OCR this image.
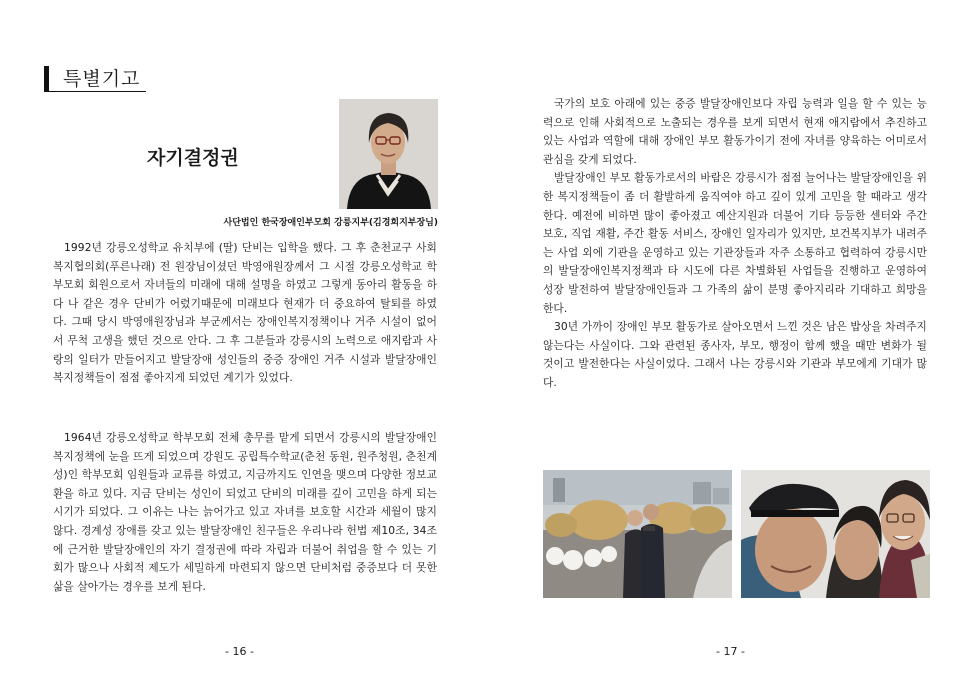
특별기고
자기결정권
사단법인 한국장애인부모회 강릉지부(김경희지부장님)

1992년 강릉오성학교 유치부에 (딸) 단비는 입학을 했다. 그 후 춘천교구 사회복지협의회(푸른나래) 전 원장님이셨던 박영애원장께서 그 시절 강릉오성학교 학부모회 회원으로서 자녀들의 미래에 대해 설명을 하였고 그렇게 동아리 활동을 하다 나 같은 경우 단비가 어렸기때문에 미래보다 현재가 더 중요하여 탈퇴를 하였다. 그때 당시 박영애원장님과 부군께서는 장애인복지정책이나 거주 시설이 없어서 무척 고생을 했던 것으로 안다. 그 후 그분들과 강릉시의 노력으로 애지람과 사랑의 일터가 만들어지고 발달장애 성인들의 중증 장애인 거주 시설과 발달장애인 복지정책들이 점점 좋아지게 되었던 계기가 있었다.

1964년 강릉오성학교 학부모회 전체 총무를 맡게 되면서 강릉시의 발달장애인복지정책에 눈을 뜨게 되었으며 강원도 공립특수학교(춘천 동원, 원주청원, 춘천계성)인 학부모회 임원들과 교류를 하였고, 지금까지도 인연을 맺으며 다양한 정보교환을 하고 있다. 지금 단비는 성인이 되었고 단비의 미래를 깊이 고민을 하게 되는 시기가 되었다. 그 이유는 나는 늙어가고 있고 자녀를 보호할 시간과 세월이 많지 않다. 경계성 장애를 갖고 있는 발달장애인 친구들은 우리나라 헌법 제10조, 34조에 근거한 발달장애인의 자기 결정권에 따라 자립과 더불어 취업을 할 수 있는 기회가 많으나 사회적 제도가 세밀하게 마련되지 않으면 단비처럼 중증보다 더 못한 삶을 살아가는 경우를 보게 된다.

- 16 -

국가의 보호 아래에 있는 중증 발달장애인보다 자립 능력과 일을 할 수 있는 능력으로 인해 사회적으로 노출되는 경우를 보게 되면서 현재 애지람에서 추진하고 있는 사업과 역할에 대해 장애인 부모 활동가이기 전에 자녀를 양육하는 어미로서 관심을 갖게 되었다.

발달장애인 부모 활동가로서의 바람은 강릉시가 점점 늘어나는 발달장애인을 위한 복지정책들이 좀 더 활발하게 움직여야 하고 깊이 있게 고민을 할 때라고 생각한다. 예전에 비하면 많이 좋아졌고 예산지원과 더불어 기타 등등한 센터와 주간 보호, 직업 재활, 주간 활동 서비스, 장애인 일자리가 있지만, 보건복지부가 내려주는 사업 외에 기관을 운영하고 있는 기관장들과 자주 소통하고 협력하여 강릉시만의 발달장애인복지정책과 타 시도에 다른 차별화된 사업들을 진행하고 운영하여 성장 발전하여 발달장애인들과 그 가족의 삶이 분명 좋아지리라 기대하고 희망을 한다.

30년 가까이 장애인 부모 활동가로 살아오면서 느낀 것은 남은 밥상을 차려주지 않는다는 사실이다. 그와 관련된 종사자, 부모, 행정이 함께 했을 때만 변화가 될 것이고 발전한다는 사실이었다. 그래서 나는 강릉시와 기관과 부모에게 기대가 많다.

- 17 -
